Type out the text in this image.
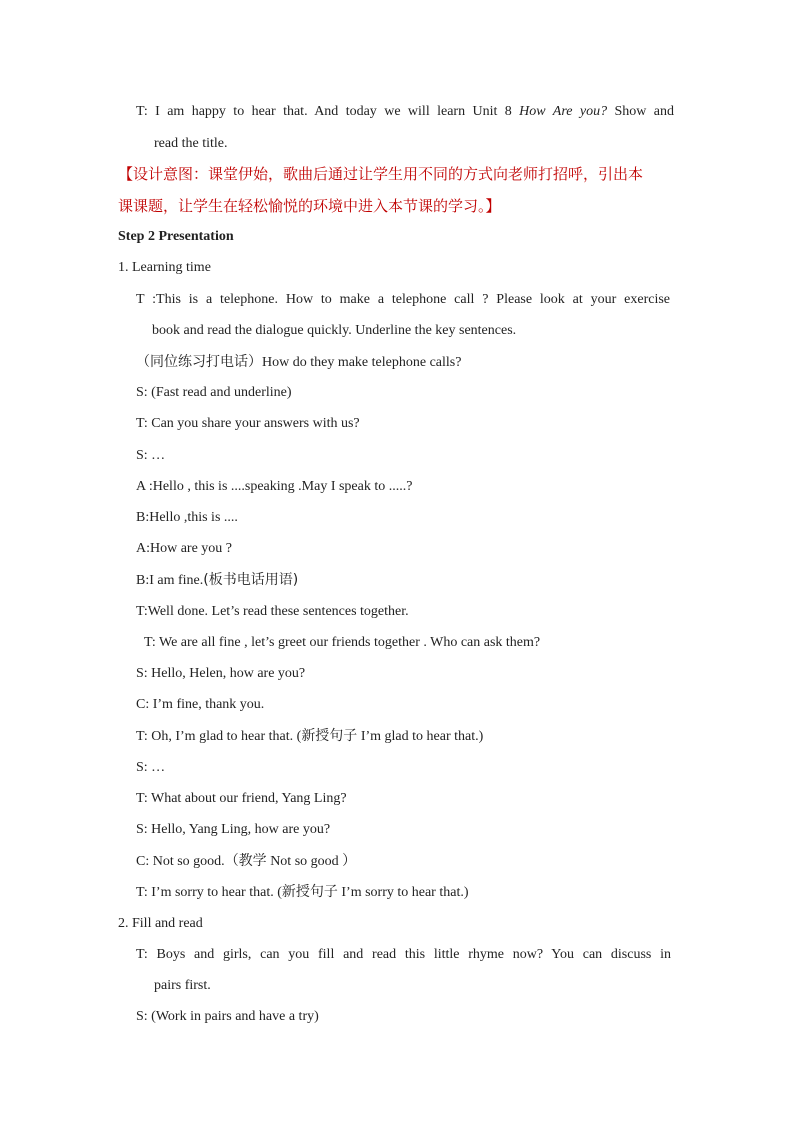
T: I am happy to hear that. And today we will learn Unit 8 How Are you? Show and
read the title.
【设计意图：课堂伊始，歌曲后通过让学生用不同的方式向老师打招呼，引出本
课课题，让学生在轻松愉悦的环境中进入本节课的学习。】
Step 2 Presentation
1. Learning time
T :This is a telephone. How to make a telephone call ? Please look at your exercise
book and read the dialogue quickly. Underline the key sentences.
（同位练习打电话）How do they make telephone calls?
S: (Fast read and underline)
T: Can you share your answers with us?
S: …
A :Hello , this is ....speaking .May I speak to .....?
B:Hello ,this is ....
A:How are you ?
B:I am fine.(板书电话用语)
T:Well done. Let’s read these sentences together.
T: We are all fine , let’s greet our friends together . Who can ask them?
S: Hello, Helen, how are you?
C: I’m fine, thank you.
T: Oh, I’m glad to hear that. (新授句子 I’m glad to hear that.)
S: …
T: What about our friend, Yang Ling?
S: Hello, Yang Ling, how are you?
C: Not so good.（教学 Not so good ）
T: I’m sorry to hear that. (新授句子 I’m sorry to hear that.)
2. Fill and read
T: Boys and girls, can you fill and read this little rhyme now? You can discuss in
pairs first.
S: (Work in pairs and have a try)
